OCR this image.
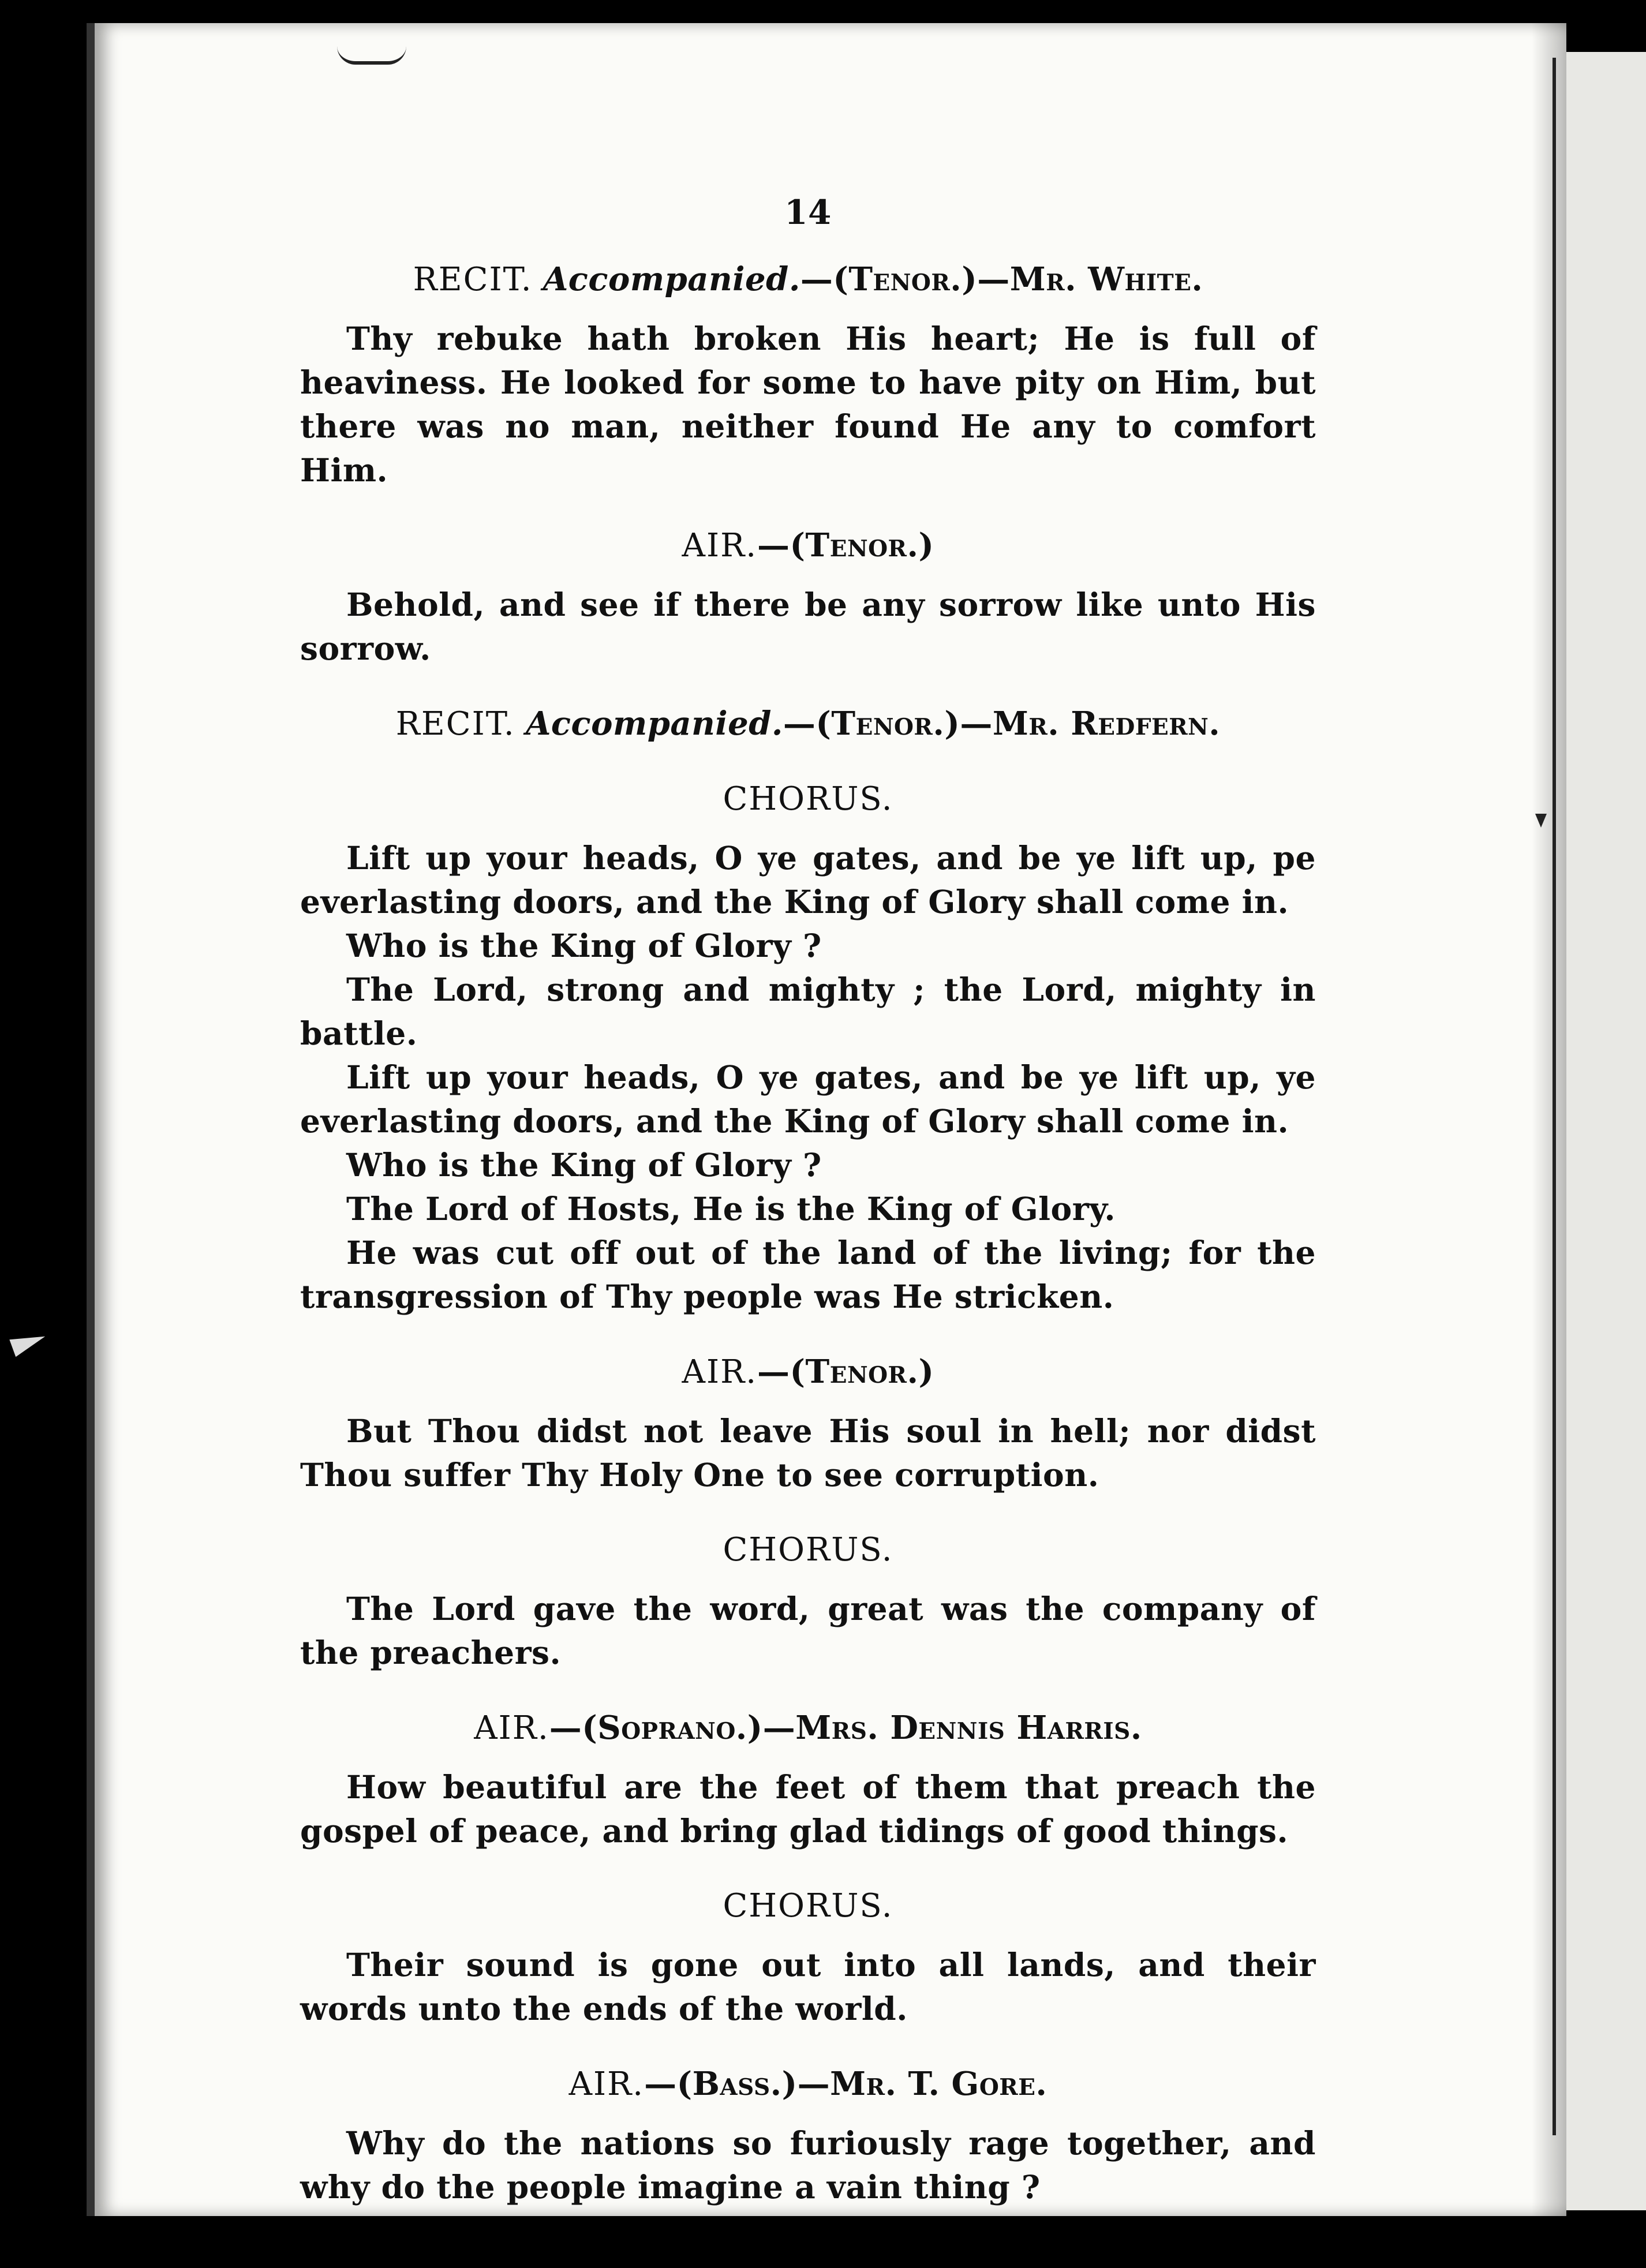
14
RECIT. Accompanied.—(Tenor.)—Mr. White.

Thy rebuke hath broken His heart; He is full of heaviness. He looked for some to have pity on Him, but there was no man, neither found He any to comfort Him.

AIR.—(Tenor.)

Behold, and see if there be any sorrow like unto His sorrow.

RECIT. Accompanied.—(Tenor.)—Mr. Redfern.
CHORUS.

Lift up your heads, O ye gates, and be ye lift up, pe everlasting doors, and the King of Glory shall come in.

Who is the King of Glory ?

The Lord, strong and mighty ; the Lord, mighty in battle.

Lift up your heads, O ye gates, and be ye lift up, ye everlasting doors, and the King of Glory shall come in.

Who is the King of Glory ?

The Lord of Hosts, He is the King of Glory.

He was cut off out of the land of the living; for the transgression of Thy people was He stricken.

AIR.—(Tenor.)

But Thou didst not leave His soul in hell; nor didst Thou suffer Thy Holy One to see corruption.

CHORUS.

The Lord gave the word, great was the company of the preachers.

AIR.—(Soprano.)—Mrs. Dennis Harris.

How beautiful are the feet of them that preach the gospel of peace, and bring glad tidings of good things.

CHORUS.

Their sound is gone out into all lands, and their words unto the ends of the world.

AIR.—(Bass.)—Mr. T. Gore.

Why do the nations so furiously rage together, and why do the people imagine a vain thing ?
